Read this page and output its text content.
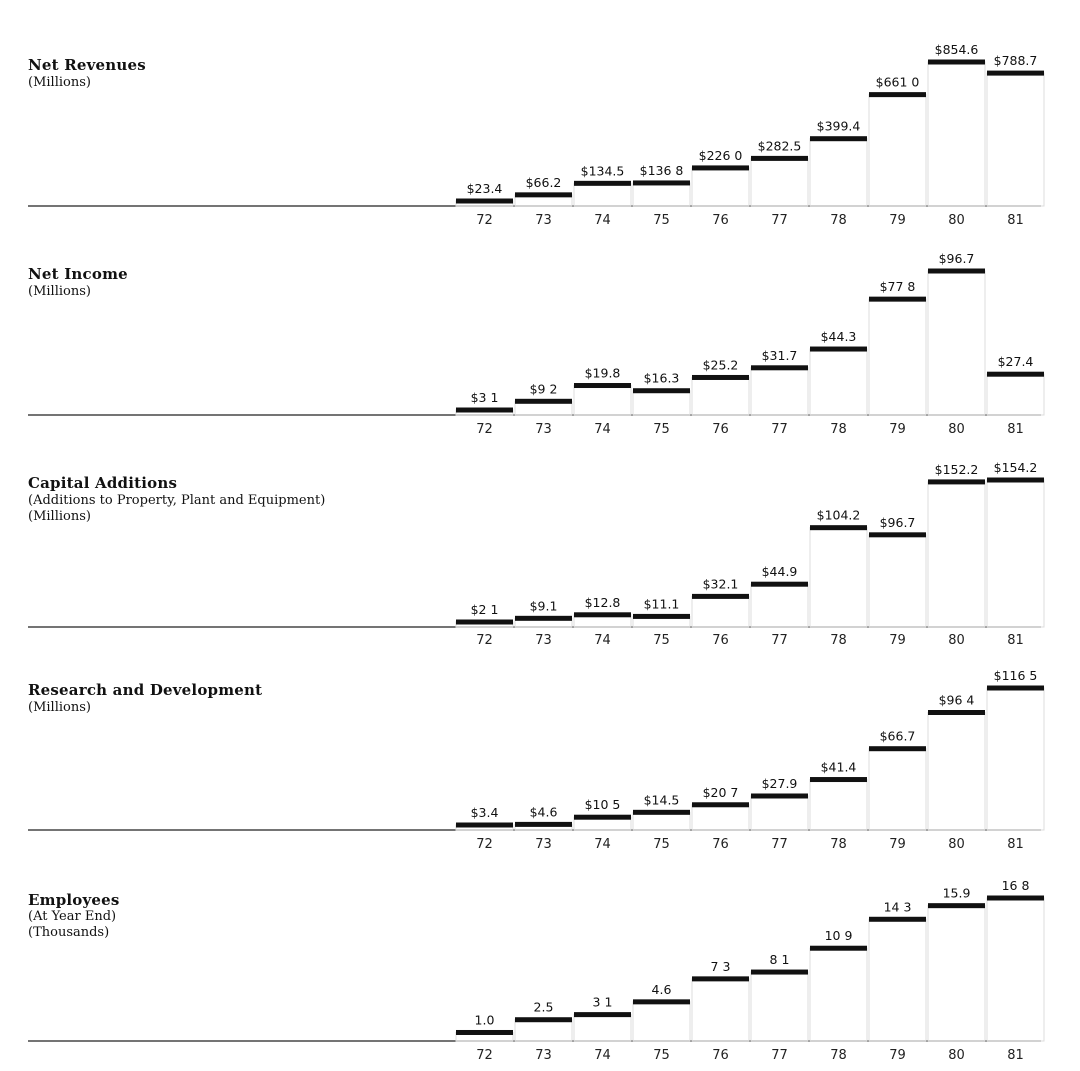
Net Revenues

(Millions)

$23.4
72
$66.2
73
$134.5
74
$136 8
75
$226 0
76
$282.5
77
$399.4
78
$661 0
79
$854.6
80
$788.7
81
Net Income

(Millions)

$3 1
72
$9 2
73
$19.8
74
$16.3
75
$25.2
76
$31.7
77
$44.3
78
$77 8
79
$96.7
80
$27.4
81
Capital Additions

(Additions to Property, Plant and Equipment)

(Millions)

$2 1
72
$9.1
73
$12.8
74
$11.1
75
$32.1
76
$44.9
77
$104.2
78
$96.7
79
$152.2
80
$154.2
81
Research and Development

(Millions)

$3.4
72
$4.6
73
$10 5
74
$14.5
75
$20 7
76
$27.9
77
$41.4
78
$66.7
79
$96 4
80
$116 5
81
Employees

(At Year End)

(Thousands)

1.0
72
2.5
73
3 1
74
4.6
75
7 3
76
8 1
77
10 9
78
14 3
79
15.9
80
16 8
81
